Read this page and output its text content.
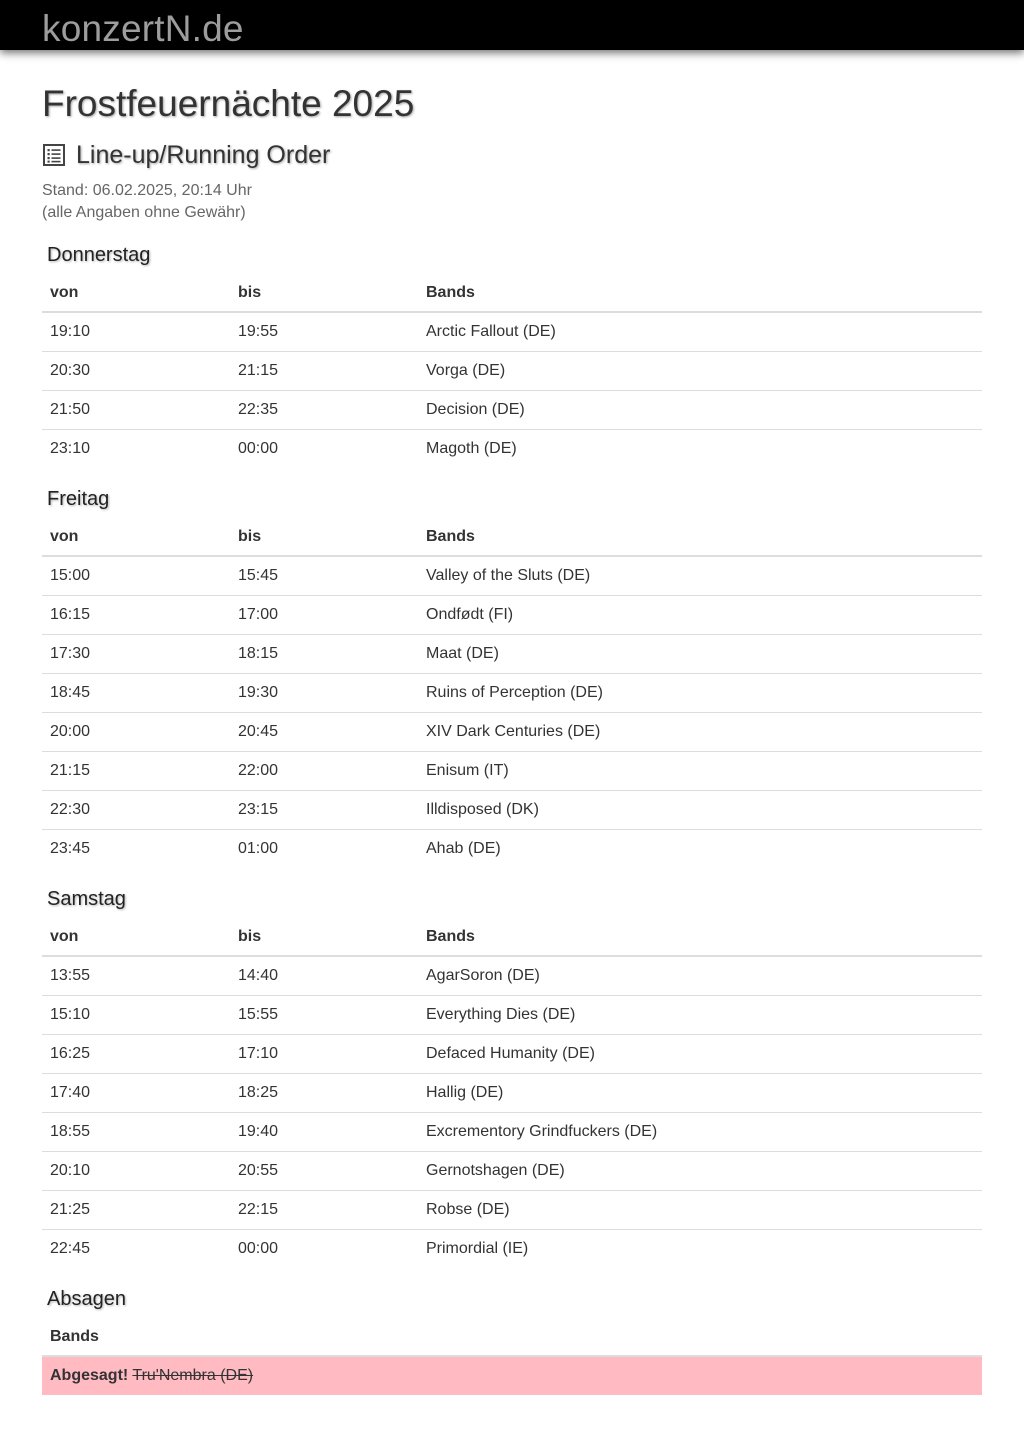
konzertN.de
Frostfeuernächte 2025
Line-up/Running Order
Stand: 06.02.2025, 20:14 Uhr
(alle Angaben ohne Gewähr)
Donnerstag
von	bis	Bands
19:10	19:55	Arctic Fallout (DE)
20:30	21:15	Vorga (DE)
21:50	22:35	Decision (DE)
23:10	00:00	Magoth (DE)
Freitag
von	bis	Bands
15:00	15:45	Valley of the Sluts (DE)
16:15	17:00	Ondfødt (FI)
17:30	18:15	Maat (DE)
18:45	19:30	Ruins of Perception (DE)
20:00	20:45	XIV Dark Centuries (DE)
21:15	22:00	Enisum (IT)
22:30	23:15	Illdisposed (DK)
23:45	01:00	Ahab (DE)
Samstag
von	bis	Bands
13:55	14:40	AgarSoron (DE)
15:10	15:55	Everything Dies (DE)
16:25	17:10	Defaced Humanity (DE)
17:40	18:25	Hallig (DE)
18:55	19:40	Excrementory Grindfuckers (DE)
20:10	20:55	Gernotshagen (DE)
21:25	22:15	Robse (DE)
22:45	00:00	Primordial (IE)
Absagen
Bands
Abgesagt! Tru'Nembra (DE)
